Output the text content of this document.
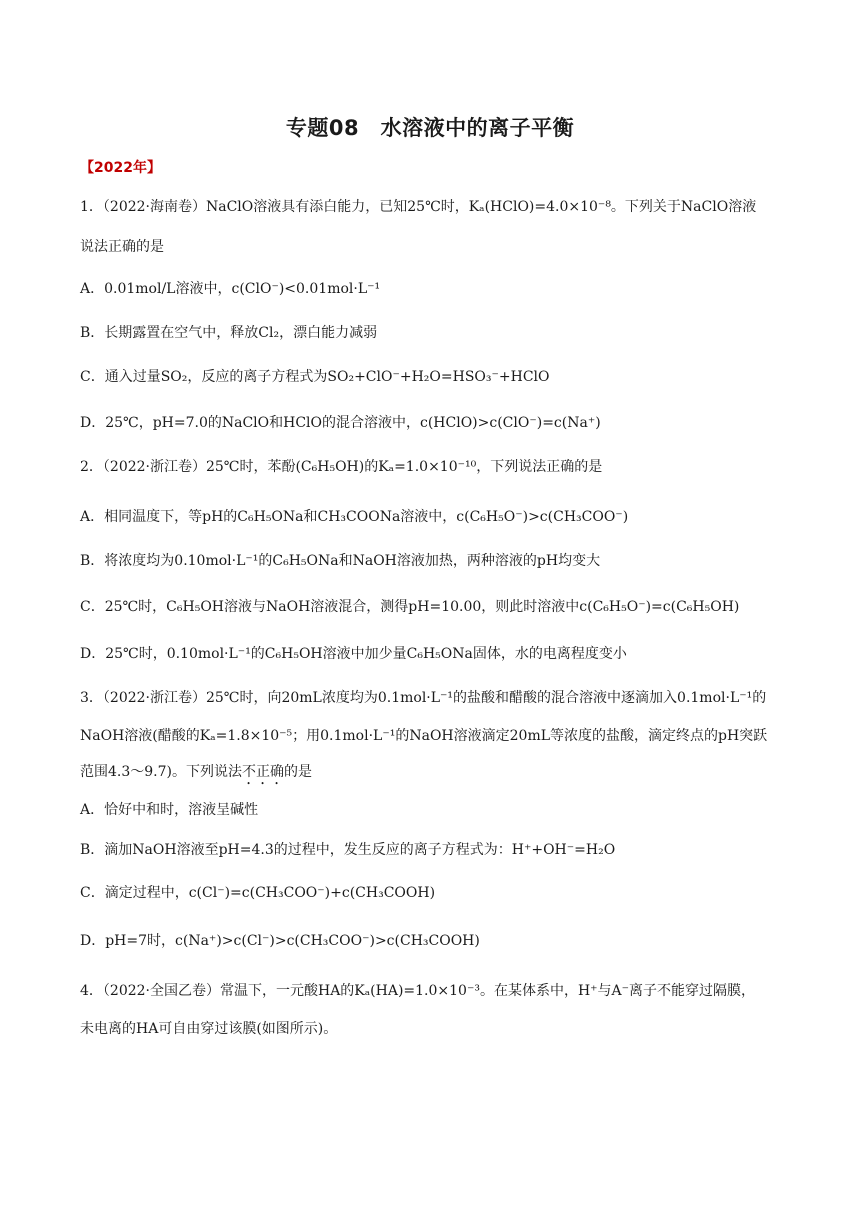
专题08　水溶液中的离子平衡
【2022年】
1．（2022·海南卷）NaClO溶液具有添白能力，已知25℃时，Kₐ(HClO)=4.0×10⁻⁸。下列关于NaClO溶液
说法正确的是
A．0.01mol/L溶液中，c(ClO⁻)<0.01mol·L⁻¹
B．长期露置在空气中，释放Cl₂，漂白能力减弱
C．通入过量SO₂，反应的离子方程式为SO₂+ClO⁻+H₂O=HSO₃⁻+HClO
D．25℃，pH=7.0的NaClO和HClO的混合溶液中，c(HClO)>c(ClO⁻)=c(Na⁺)
2．（2022·浙江卷）25℃时，苯酚(C₆H₅OH)的Kₐ=1.0×10⁻¹⁰，下列说法正确的是
A．相同温度下，等pH的C₆H₅ONa和CH₃COONa溶液中，c(C₆H₅O⁻)>c(CH₃COO⁻)
B．将浓度均为0.10mol·L⁻¹的C₆H₅ONa和NaOH溶液加热，两种溶液的pH均变大
C．25℃时，C₆H₅OH溶液与NaOH溶液混合，测得pH=10.00，则此时溶液中c(C₆H₅O⁻)=c(C₆H₅OH)
D．25℃时，0.10mol·L⁻¹的C₆H₅OH溶液中加少量C₆H₅ONa固体，水的电离程度变小
3．（2022·浙江卷）25℃时，向20mL浓度均为0.1mol·L⁻¹的盐酸和醋酸的混合溶液中逐滴加入0.1mol·L⁻¹的
NaOH溶液(醋酸的Kₐ=1.8×10⁻⁵；用0.1mol·L⁻¹的NaOH溶液滴定20mL等浓度的盐酸，滴定终点的pH突跃
范围4.3～9.7)。下列说法不正确的是
A．恰好中和时，溶液呈碱性
B．滴加NaOH溶液至pH=4.3的过程中，发生反应的离子方程式为：H⁺+OH⁻=H₂O
C．滴定过程中，c(Cl⁻)=c(CH₃COO⁻)+c(CH₃COOH)
D．pH=7时，c(Na⁺)>c(Cl⁻)>c(CH₃COO⁻)>c(CH₃COOH)
4．（2022·全国乙卷）常温下，一元酸HA的Kₐ(HA)=1.0×10⁻³。在某体系中，H⁺与A⁻离子不能穿过隔膜，
未电离的HA可自由穿过该膜(如图所示)。
